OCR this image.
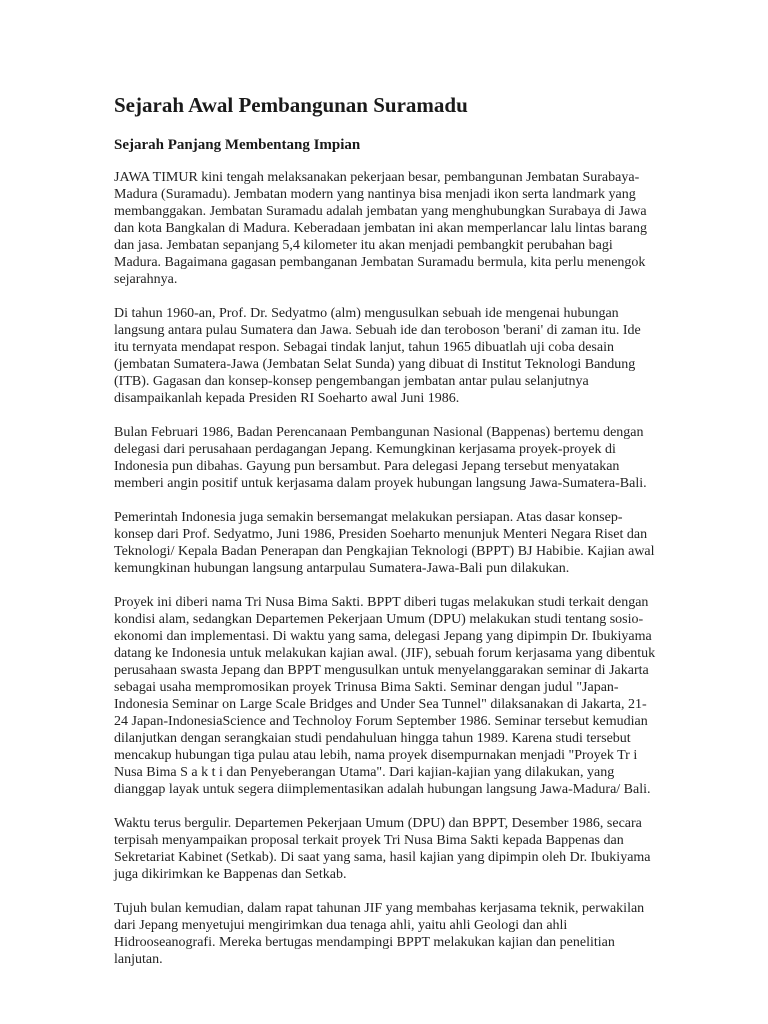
Sejarah Awal Pembangunan Suramadu
Sejarah Panjang Membentang Impian

JAWA TIMUR kini tengah melaksanakan pekerjaan besar, pembangunan Jembatan Surabaya-Madura (Suramadu). Jembatan modern yang nantinya bisa menjadi ikon serta landmark yang membanggakan. Jembatan Suramadu adalah jembatan yang menghubungkan Surabaya di Jawa dan kota Bangkalan di Madura. Keberadaan jembatan ini akan memperlancar lalu lintas barang dan jasa. Jembatan sepanjang 5,4 kilometer itu akan menjadi pembangkit perubahan bagi Madura. Bagaimana gagasan pembanganan Jembatan Suramadu bermula, kita perlu menengok sejarahnya.

Di tahun 1960-an, Prof. Dr. Sedyatmo (alm) mengusulkan sebuah ide mengenai hubungan langsung antara pulau Sumatera dan Jawa. Sebuah ide dan teroboson 'berani' di zaman itu. Ide itu ternyata mendapat respon. Sebagai tindak lanjut, tahun 1965 dibuatlah uji coba desain (jembatan Sumatera-Jawa (Jembatan Selat Sunda) yang dibuat di Institut Teknologi Bandung (ITB). Gagasan dan konsep-konsep pengembangan jembatan antar pulau selanjutnya disampaikanlah kepada Presiden RI Soeharto awal Juni 1986.

Bulan Februari 1986, Badan Perencanaan Pembangunan Nasional (Bappenas) bertemu dengan delegasi dari perusahaan perdagangan Jepang. Kemungkinan kerjasama proyek-proyek di Indonesia pun dibahas. Gayung pun bersambut. Para delegasi Jepang tersebut menyatakan memberi angin positif untuk kerjasama dalam proyek hubungan langsung Jawa-Sumatera-Bali.

Pemerintah Indonesia juga semakin bersemangat melakukan persiapan. Atas dasar konsep-konsep dari Prof. Sedyatmo, Juni 1986, Presiden Soeharto menunjuk Menteri Negara Riset dan Teknologi/ Kepala Badan Penerapan dan Pengkajian Teknologi (BPPT) BJ Habibie. Kajian awal kemungkinan hubungan langsung antarpulau Sumatera-Jawa-Bali pun dilakukan.

Proyek ini diberi nama Tri Nusa Bima Sakti. BPPT diberi tugas melakukan studi terkait dengan kondisi alam, sedangkan Departemen Pekerjaan Umum (DPU) melakukan studi tentang sosio-ekonomi dan implementasi. Di waktu yang sama, delegasi Jepang yang dipimpin Dr. Ibukiyama datang ke Indonesia untuk melakukan kajian awal. (JIF), sebuah forum kerjasama yang dibentuk perusahaan swasta Jepang dan BPPT mengusulkan untuk menyelanggarakan seminar di Jakarta sebagai usaha mempromosikan proyek Trinusa Bima Sakti. Seminar dengan judul "Japan-Indonesia Seminar on Large Scale Bridges and Under Sea Tunnel" dilaksanakan di Jakarta, 21-24 Japan-IndonesiaScience and Technoloy Forum September 1986. Seminar tersebut kemudian dilanjutkan dengan serangkaian studi pendahuluan hingga tahun 1989. Karena studi tersebut mencakup hubungan tiga pulau atau lebih, nama proyek disempurnakan menjadi "Proyek Tr i Nusa Bima S a k t i dan Penyeberangan Utama". Dari kajian-kajian yang dilakukan, yang dianggap layak untuk segera diimplementasikan adalah hubungan langsung Jawa-Madura/ Bali.

Waktu terus bergulir. Departemen Pekerjaan Umum (DPU) dan BPPT, Desember 1986, secara terpisah menyampaikan proposal terkait proyek Tri Nusa Bima Sakti kepada Bappenas dan Sekretariat Kabinet (Setkab). Di saat yang sama, hasil kajian yang dipimpin oleh Dr. Ibukiyama juga dikirimkan ke Bappenas dan Setkab.

Tujuh bulan kemudian, dalam rapat tahunan JIF yang membahas kerjasama teknik, perwakilan dari Jepang menyetujui mengirimkan dua tenaga ahli, yaitu ahli Geologi dan ahli Hidrooseanografi. Mereka bertugas mendampingi BPPT melakukan kajian dan penelitian lanjutan.
